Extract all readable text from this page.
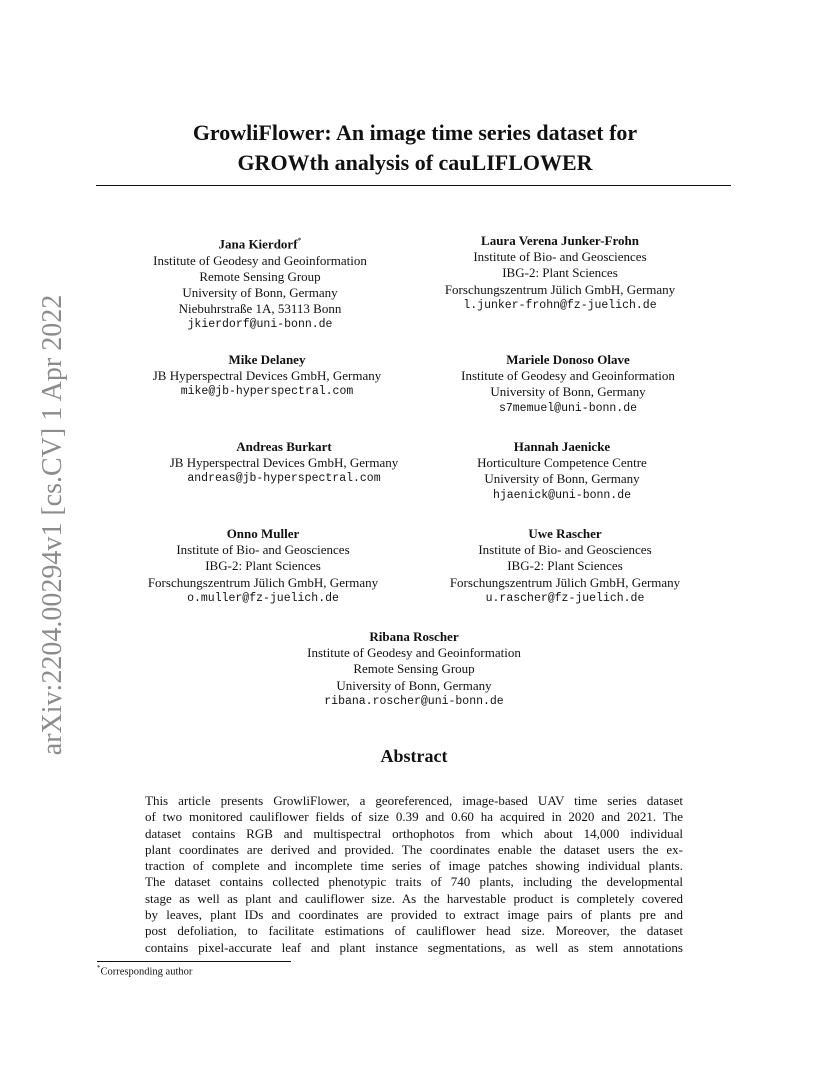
arXiv:2204.00294v1 [cs.CV] 1 Apr 2022
GrowliFlower: An image time series dataset for
GROWth analysis of cauLIFLOWER
Jana Kierdorf*
Institute of Geodesy and Geoinformation
Remote Sensing Group
University of Bonn, Germany
Niebuhrstraße 1A, 53113 Bonn
jkierdorf@uni-bonn.de
Laura Verena Junker-Frohn
Institute of Bio- and Geosciences
IBG-2: Plant Sciences
Forschungszentrum Jülich GmbH, Germany
l.junker-frohn@fz-juelich.de
Mike Delaney
JB Hyperspectral Devices GmbH, Germany
mike@jb-hyperspectral.com
Mariele Donoso Olave
Institute of Geodesy and Geoinformation
University of Bonn, Germany
s7memuel@uni-bonn.de
Andreas Burkart
JB Hyperspectral Devices GmbH, Germany
andreas@jb-hyperspectral.com
Hannah Jaenicke
Horticulture Competence Centre
University of Bonn, Germany
hjaenick@uni-bonn.de
Onno Muller
Institute of Bio- and Geosciences
IBG-2: Plant Sciences
Forschungszentrum Jülich GmbH, Germany
o.muller@fz-juelich.de
Uwe Rascher
Institute of Bio- and Geosciences
IBG-2: Plant Sciences
Forschungszentrum Jülich GmbH, Germany
u.rascher@fz-juelich.de
Ribana Roscher
Institute of Geodesy and Geoinformation
Remote Sensing Group
University of Bonn, Germany
ribana.roscher@uni-bonn.de
Abstract
This article presents GrowliFlower, a georeferenced, image-based UAV time series dataset
of two monitored cauliflower fields of size 0.39 and 0.60 ha acquired in 2020 and 2021. The
dataset contains RGB and multispectral orthophotos from which about 14,000 individual
plant coordinates are derived and provided. The coordinates enable the dataset users the ex-
traction of complete and incomplete time series of image patches showing individual plants.
The dataset contains collected phenotypic traits of 740 plants, including the developmental
stage as well as plant and cauliflower size. As the harvestable product is completely covered
by leaves, plant IDs and coordinates are provided to extract image pairs of plants pre and
post defoliation, to facilitate estimations of cauliflower head size. Moreover, the dataset
contains pixel-accurate leaf and plant instance segmentations, as well as stem annotations
*Corresponding author
